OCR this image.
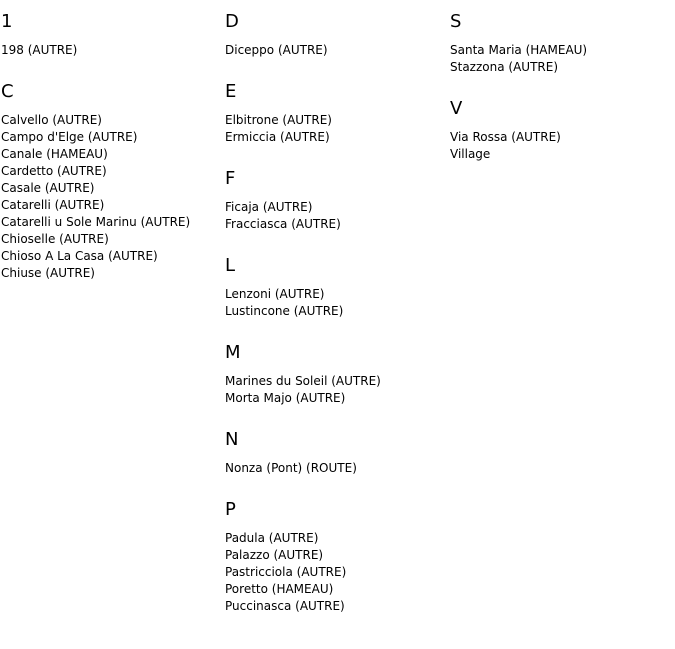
1
198 (AUTRE)
C
Calvello (AUTRE)
Campo d'Elge (AUTRE)
Canale (HAMEAU)
Cardetto (AUTRE)
Casale (AUTRE)
Catarelli (AUTRE)
Catarelli u Sole Marinu (AUTRE)
Chioselle (AUTRE)
Chioso A La Casa (AUTRE)
Chiuse (AUTRE)
D
Diceppo (AUTRE)
E
Elbitrone (AUTRE)
Ermiccia (AUTRE)
F
Ficaja (AUTRE)
Fracciasca (AUTRE)
L
Lenzoni (AUTRE)
Lustincone (AUTRE)
M
Marines du Soleil (AUTRE)
Morta Majo (AUTRE)
N
Nonza (Pont) (ROUTE)
P
Padula (AUTRE)
Palazzo (AUTRE)
Pastricciola (AUTRE)
Poretto (HAMEAU)
Puccinasca (AUTRE)
S
Santa Maria (HAMEAU)
Stazzona (AUTRE)
V
Via Rossa (AUTRE)
Village
